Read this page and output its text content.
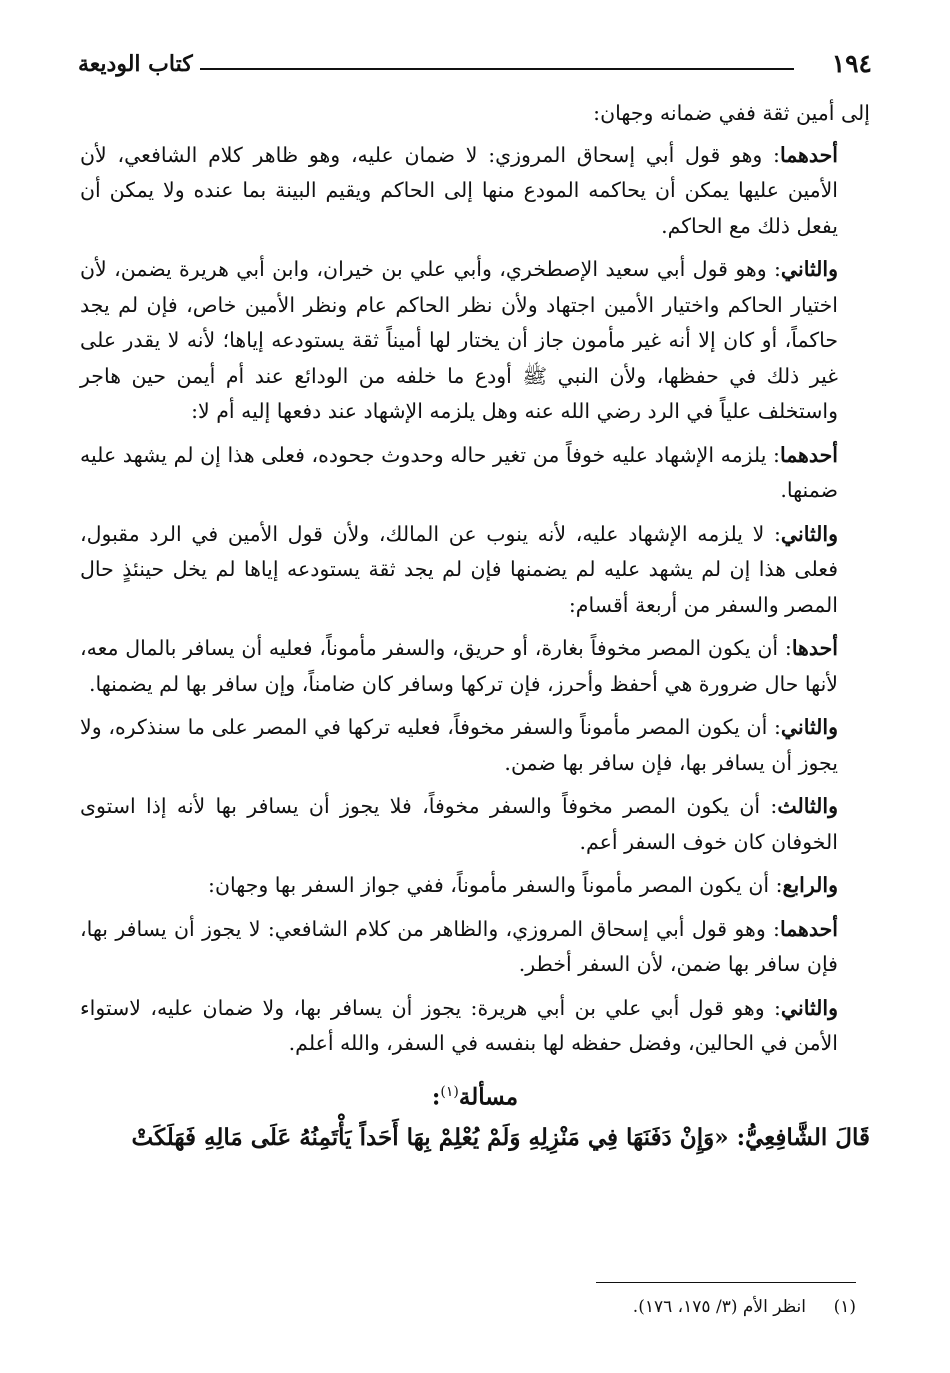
١٩٤
كتاب الوديعة

إلى أمين ثقة ففي ضمانه وجهان:

أحدهما: وهو قول أبي إسحاق المروزي: لا ضمان عليه، وهو ظاهر كلام الشافعي، لأن الأمين عليها يمكن أن يحاكمه المودع منها إلى الحاكم ويقيم البينة بما عنده ولا يمكن أن يفعل ذلك مع الحاكم.

والثاني: وهو قول أبي سعيد الإصطخري، وأبي علي بن خيران، وابن أبي هريرة يضمن، لأن اختيار الحاكم واختيار الأمين اجتهاد ولأن نظر الحاكم عام ونظر الأمين خاص، فإن لم يجد حاكماً، أو كان إلا أنه غير مأمون جاز أن يختار لها أميناً ثقة يستودعه إياها؛ لأنه لا يقدر على غير ذلك في حفظها، ولأن النبي ﷺ أودع ما خلفه من الودائع عند أم أيمن حين هاجر واستخلف علياً في الرد رضي الله عنه وهل يلزمه الإشهاد عند دفعها إليه أم لا:

أحدهما: يلزمه الإشهاد عليه خوفاً من تغير حاله وحدوث جحوده، فعلى هذا إن لم يشهد عليه ضمنها.

والثاني: لا يلزمه الإشهاد عليه، لأنه ينوب عن المالك، ولأن قول الأمين في الرد مقبول، فعلى هذا إن لم يشهد عليه لم يضمنها فإن لم يجد ثقة يستودعه إياها لم يخل حينئذٍ حال المصر والسفر من أربعة أقسام:

أحدها: أن يكون المصر مخوفاً بغارة، أو حريق، والسفر مأموناً، فعليه أن يسافر بالمال معه، لأنها حال ضرورة هي أحفظ وأحرز، فإن تركها وسافر كان ضامناً، وإن سافر بها لم يضمنها.

والثاني: أن يكون المصر مأموناً والسفر مخوفاً، فعليه تركها في المصر على ما سنذكره، ولا يجوز أن يسافر بها، فإن سافر بها ضمن.

والثالث: أن يكون المصر مخوفاً والسفر مخوفاً، فلا يجوز أن يسافر بها لأنه إذا استوى الخوفان كان خوف السفر أعم.

والرابع: أن يكون المصر مأموناً والسفر مأموناً، ففي جواز السفر بها وجهان:

أحدهما: وهو قول أبي إسحاق المروزي، والظاهر من كلام الشافعي: لا يجوز أن يسافر بها، فإن سافر بها ضمن، لأن السفر أخطر.

والثاني: وهو قول أبي علي بن أبي هريرة: يجوز أن يسافر بها، ولا ضمان عليه، لاستواء الأمن في الحالين، وفضل حفظه لها بنفسه في السفر، والله أعلم.

مسألة$^{(١)}$:

قَالَ الشَّافِعِيُّ: «وَإِنْ دَفَنَهَا فِي مَنْزِلِهِ وَلَمْ يُعْلِمْ بِهَا أَحَداً يَأْتَمِنُهُ عَلَى مَالِهِ فَهَلَكَتْ

(١)انظر الأم (٣/ ١٧٥، ١٧٦).
